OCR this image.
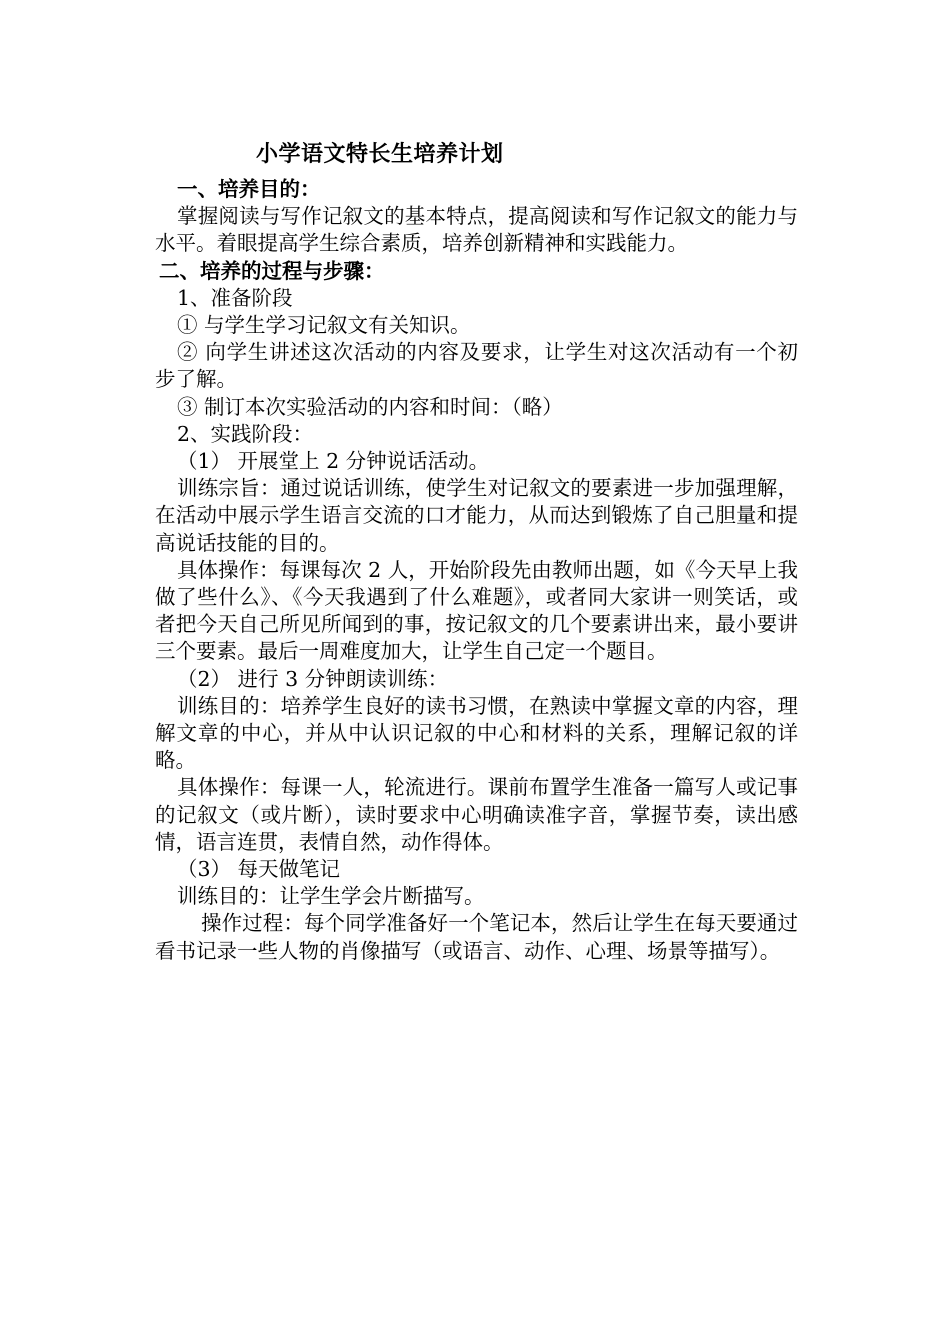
小学语文特长生培养计划
一、培养目的：

掌握阅读与写作记叙文的基本特点，提高阅读和写作记叙文的能力与水平。着眼提高学生综合素质，培养创新精神和实践能力。

二、培养的过程与步骤：
1、准备阶段
① 与学生学习记叙文有关知识。

② 向学生讲述这次活动的内容及要求，让学生对这次活动有一个初步了解。

③ 制订本次实验活动的内容和时间：（略）
2、实践阶段：
（1） 开展堂上 2 分钟说话活动。

训练宗旨：通过说话训练，使学生对记叙文的要素进一步加强理解，在活动中展示学生语言交流的口才能力，从而达到锻炼了自己胆量和提高说话技能的目的。

具体操作：每课每次 2 人，开始阶段先由教师出题，如《今天早上我做了些什么》、《今天我遇到了什么难题》，或者同大家讲一则笑话，或者把今天自己所见所闻到的事，按记叙文的几个要素讲出来，最小要讲三个要素。最后一周难度加大，让学生自己定一个题目。

（2） 进行 3 分钟朗读训练：

训练目的：培养学生良好的读书习惯，在熟读中掌握文章的内容，理解文章的中心，并从中认识记叙的中心和材料的关系，理解记叙的详略。

具体操作：每课一人，轮流进行。课前布置学生准备一篇写人或记事的记叙文（或片断），读时要求中心明确读准字音，掌握节奏，读出感情，语言连贯，表情自然，动作得体。

（3） 每天做笔记
训练目的：让学生学会片断描写。

操作过程：每个同学准备好一个笔记本，然后让学生在每天要通过看书记录一些人物的肖像描写（或语言、动作、心理、场景等描写）。
